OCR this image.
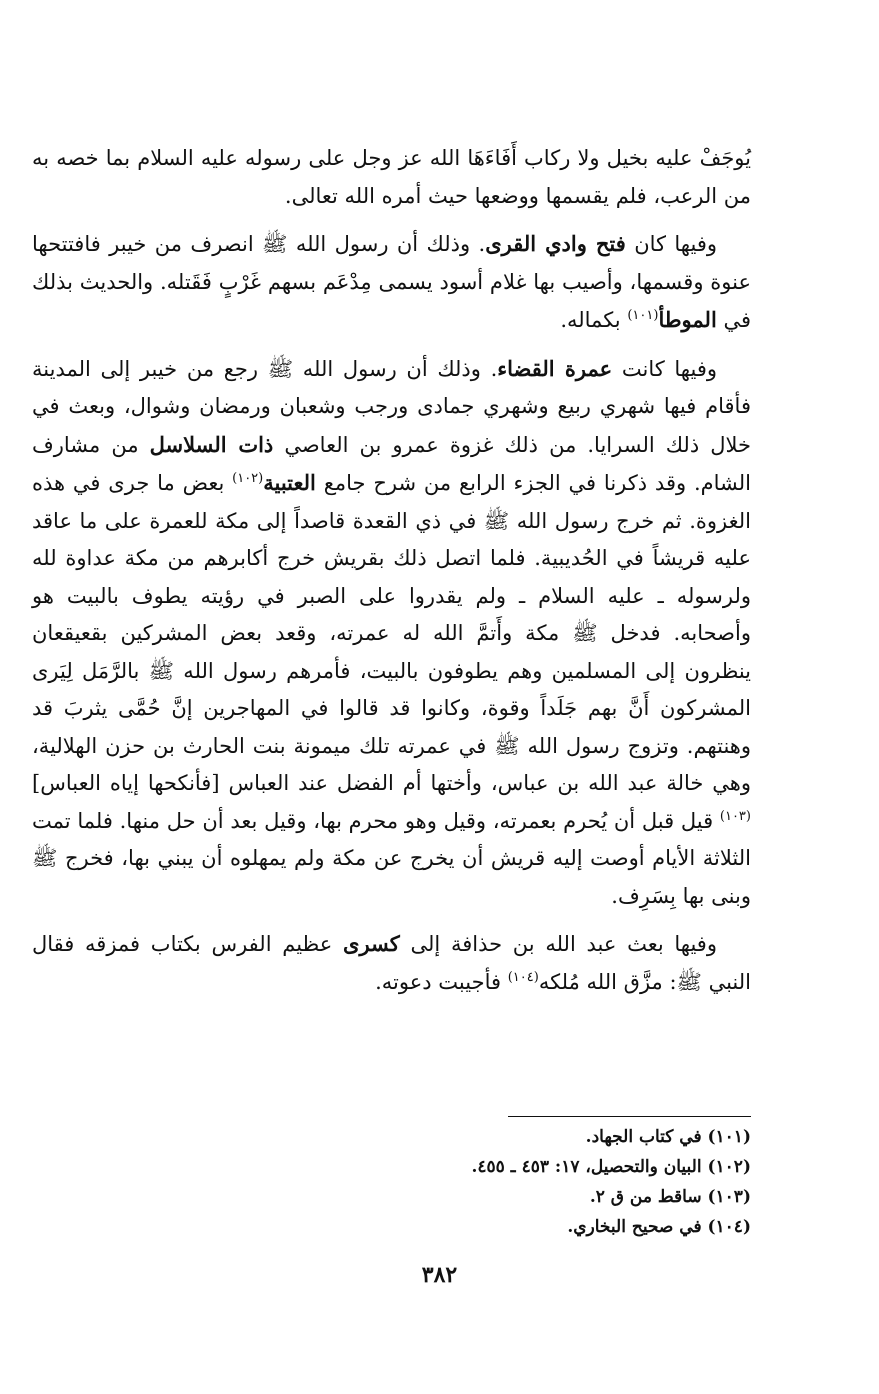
يُوجَفْ عليه بخيل ولا ركاب أَفَاءَهَا الله عز وجل على رسوله عليه السلام بما خصه به من الرعب، فلم يقسمها ووضعها حيث أمره الله تعالى.

وفيها كان فتح وادي القرى. وذلك أن رسول الله ﷺ انصرف من خيبر فافتتحها عنوة وقسمها، وأصيب بها غلام أسود يسمى مِدْعَم بسهم غَرْبٍ فَقَتله. والحديث بذلك في الموطأ$^{(١٠١)}$ بكماله.

وفيها كانت عمرة القضاء. وذلك أن رسول الله ﷺ رجع من خيبر إلى المدينة فأقام فيها شهري ربيع وشهري جمادى ورجب وشعبان ورمضان وشوال، وبعث في خلال ذلك السرايا. من ذلك غزوة عمرو بن العاصي ذات السلاسل من مشارف الشام. وقد ذكرنا في الجزء الرابع من شرح جامع العتبية$^{(١٠٢)}$ بعض ما جرى في هذه الغزوة. ثم خرج رسول الله ﷺ في ذي القعدة قاصداً إلى مكة للعمرة على ما عاقد عليه قريشاً في الحُديبية. فلما اتصل ذلك بقريش خرج أكابرهم من مكة عداوة لله ولرسوله ـ عليه السلام ـ ولم يقدروا على الصبر في رؤيته يطوف بالبيت هو وأصحابه. فدخل ﷺ مكة وأَتمَّ الله له عمرته، وقعد بعض المشركين بقعيقعان ينظرون إلى المسلمين وهم يطوفون بالبيت، فأمرهم رسول الله ﷺ بالرَّمَل لِيَرى المشركون أَنَّ بهم جَلَداً وقوة، وكانوا قد قالوا في المهاجرين إنَّ حُمَّى يثربَ قد وهنتهم. وتزوج رسول الله ﷺ في عمرته تلك ميمونة بنت الحارث بن حزن الهلالية، وهي خالة عبد الله بن عباس، وأختها أم الفضل عند العباس [فأنكحها إياه العباس]$^{(١٠٣)}$ قيل قبل أن يُحرم بعمرته، وقيل وهو محرم بها، وقيل بعد أن حل منها. فلما تمت الثلاثة الأيام أوصت إليه قريش أن يخرج عن مكة ولم يمهلوه أن يبني بها، فخرج ﷺ وبنى بها بِسَرِف.

وفيها بعث عبد الله بن حذافة إلى كسرى عظيم الفرس بكتاب فمزقه فقال النبي ﷺ: مزَّق الله مُلكه$^{(١٠٤)}$ فأجيبت دعوته.

(١٠١) في كتاب الجهاد.
(١٠٢) البيان والتحصيل، ١٧: ٤٥٣ ـ ٤٥٥.
(١٠٣) ساقط من ق ٢.
(١٠٤) في صحيح البخاري.
٣٨٢
